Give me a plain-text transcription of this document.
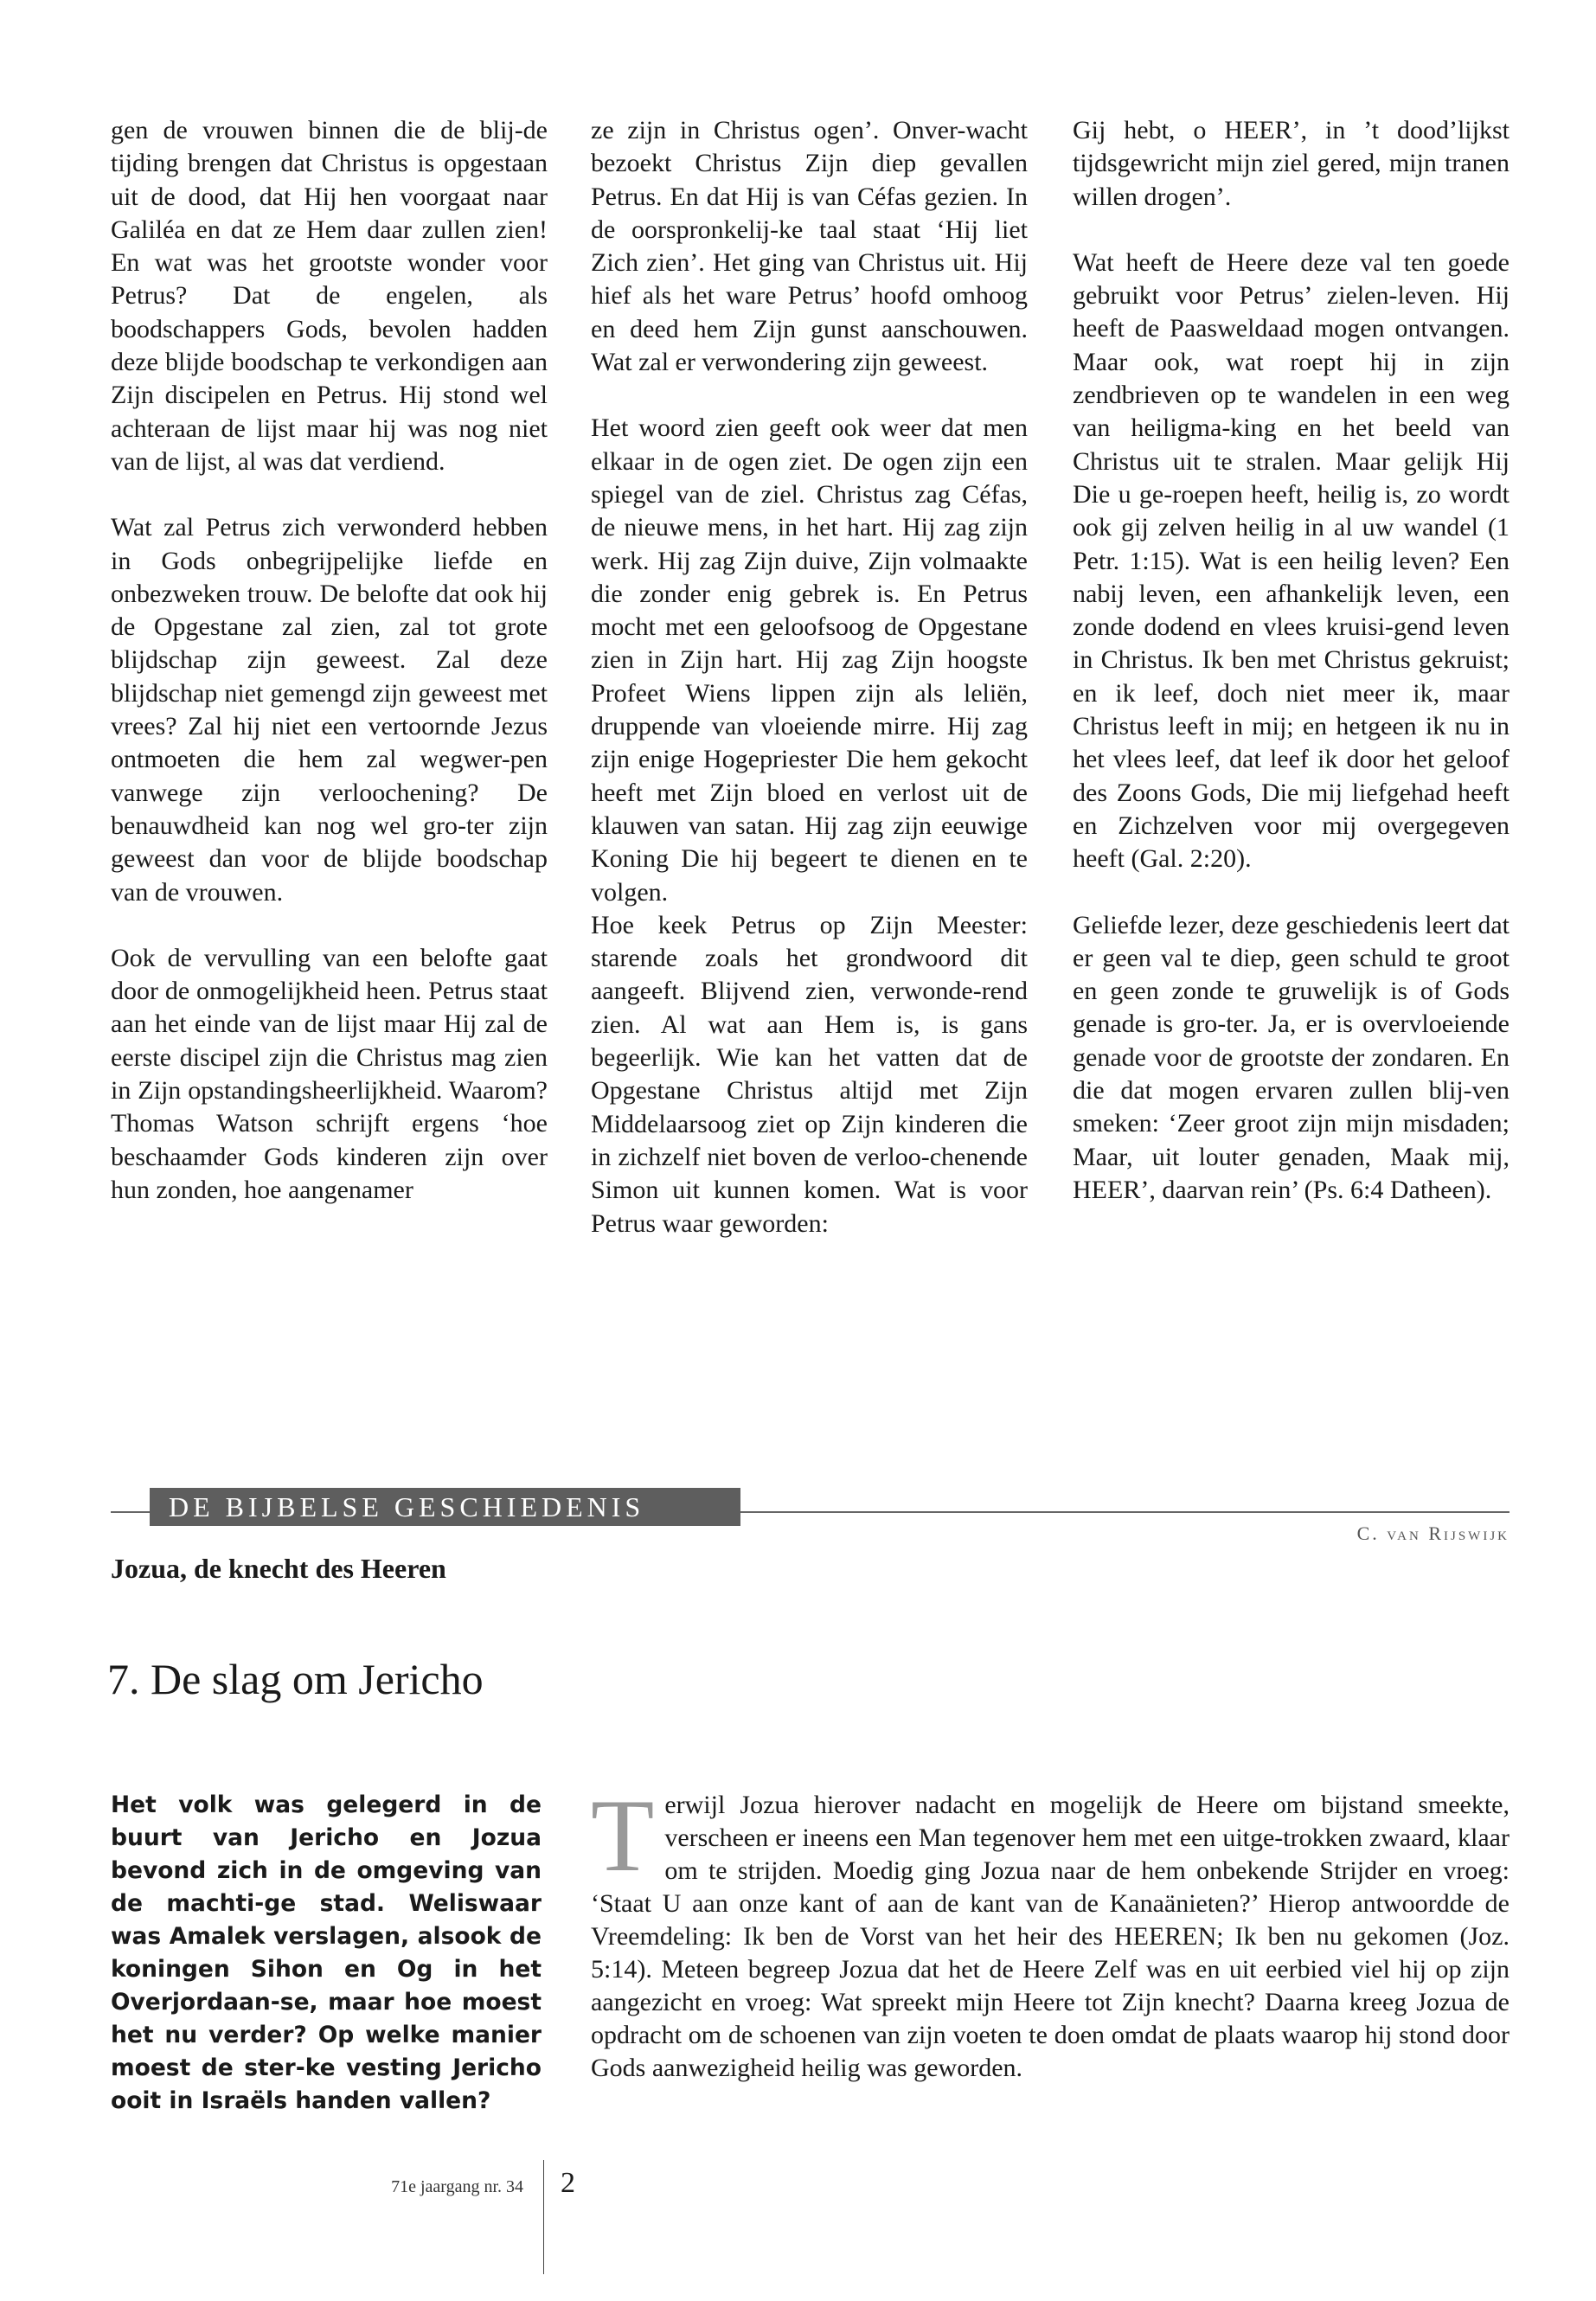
gen de vrouwen binnen die de blij-de tijding brengen dat Christus is opgestaan uit de dood, dat Hij hen voorgaat naar Galiléa en dat ze Hem daar zullen zien! En wat was het grootste wonder voor Petrus? Dat de engelen, als boodschappers Gods, bevolen hadden deze blijde boodschap te verkondigen aan Zijn discipelen en Petrus. Hij stond wel achteraan de lijst maar hij was nog niet van de lijst, al was dat verdiend.

Wat zal Petrus zich verwonderd hebben in Gods onbegrijpelijke liefde en onbezweken trouw. De belofte dat ook hij de Opgestane zal zien, zal tot grote blijdschap zijn geweest. Zal deze blijdschap niet gemengd zijn geweest met vrees? Zal hij niet een vertoornde Jezus ontmoeten die hem zal wegwer-pen vanwege zijn verloochening? De benauwdheid kan nog wel gro-ter zijn geweest dan voor de blijde boodschap van de vrouwen.

Ook de vervulling van een belofte gaat door de onmogelijkheid heen. Petrus staat aan het einde van de lijst maar Hij zal de eerste discipel zijn die Christus mag zien in Zijn opstandingsheerlijkheid. Waarom? Thomas Watson schrijft ergens ‘hoe beschaamder Gods kinderen zijn over hun zonden, hoe aangenamer

ze zijn in Christus ogen’. Onver-wacht bezoekt Christus Zijn diep gevallen Petrus. En dat Hij is van Céfas gezien. In de oorspronkelij-ke taal staat ‘Hij liet Zich zien’. Het ging van Christus uit. Hij hief als het ware Petrus’ hoofd omhoog en deed hem Zijn gunst aanschouwen. Wat zal er verwondering zijn geweest.

Het woord zien geeft ook weer dat men elkaar in de ogen ziet. De ogen zijn een spiegel van de ziel. Christus zag Céfas, de nieuwe mens, in het hart. Hij zag zijn werk. Hij zag Zijn duive, Zijn volmaakte die zonder enig gebrek is. En Petrus mocht met een geloofsoog de Opgestane zien in Zijn hart. Hij zag Zijn hoogste Profeet Wiens lippen zijn als leliën, druppende van vloeiende mirre. Hij zag zijn enige Hogepriester Die hem gekocht heeft met Zijn bloed en verlost uit de klauwen van satan. Hij zag zijn eeuwige Koning Die hij begeert te dienen en te volgen.

Hoe keek Petrus op Zijn Meester: starende zoals het grondwoord dit aangeeft. Blijvend zien, verwonde-rend zien. Al wat aan Hem is, is gans begeerlijk. Wie kan het vatten dat de Opgestane Christus altijd met Zijn Middelaarsoog ziet op Zijn kinderen die in zichzelf niet boven de verloo-chenende Simon uit kunnen komen. Wat is voor Petrus waar geworden:

Gij hebt, o HEER’, in ’t dood’lijkst tijdsgewricht mijn ziel gered, mijn tranen willen drogen’.

Wat heeft de Heere deze val ten goede gebruikt voor Petrus’ zielen-leven. Hij heeft de Paasweldaad mogen ontvangen. Maar ook, wat roept hij in zijn zendbrieven op te wandelen in een weg van heiligma-king en het beeld van Christus uit te stralen. Maar gelijk Hij Die u ge-roepen heeft, heilig is, zo wordt ook gij zelven heilig in al uw wandel (1 Petr. 1:15). Wat is een heilig leven? Een nabij leven, een afhankelijk leven, een zonde dodend en vlees kruisi-gend leven in Christus. Ik ben met Christus gekruist; en ik leef, doch niet meer ik, maar Christus leeft in mij; en hetgeen ik nu in het vlees leef, dat leef ik door het geloof des Zoons Gods, Die mij liefgehad heeft en Zichzelven voor mij overgegeven heeft (Gal. 2:20).

Geliefde lezer, deze geschiedenis leert dat er geen val te diep, geen schuld te groot en geen zonde te gruwelijk is of Gods genade is gro-ter. Ja, er is overvloeiende genade voor de grootste der zondaren. En die dat mogen ervaren zullen blij-ven smeken: ‘Zeer groot zijn mijn misdaden; Maar, uit louter genaden, Maak mij, HEER’, daarvan rein’ (Ps. 6:4 Datheen).

DE BIJBELSE GESCHIEDENIS
C. van Rijswijk
Jozua, de knecht des Heeren
7. De slag om Jericho
Het volk was gelegerd in de buurt van Jericho en Jozua bevond zich in de omgeving van de machti-ge stad. Weliswaar was Amalek verslagen, alsook de koningen Sihon en Og in het Overjordaan-se, maar hoe moest het nu verder? Op welke manier moest de ster-ke vesting Jericho ooit in Israëls handen vallen?
Terwijl Jozua hierover nadacht en mogelijk de Heere om bijstand smeekte, verscheen er ineens een Man tegenover hem met een uitge-trokken zwaard, klaar om te strijden. Moedig ging Jozua naar de hem onbekende Strijder en vroeg: ‘Staat U aan onze kant of aan de kant van de Kanaänieten?’ Hierop antwoordde de Vreemdeling: Ik ben de Vorst van het heir des HEEREN; Ik ben nu gekomen (Joz. 5:14). Meteen begreep Jozua dat het de Heere Zelf was en uit eerbied viel hij op zijn aangezicht en vroeg: Wat spreekt mijn Heere tot Zijn knecht? Daarna kreeg Jozua de opdracht om de schoenen van zijn voeten te doen omdat de plaats waarop hij stond door Gods aanwezigheid heilig was geworden.
71e jaargang nr. 34 2
